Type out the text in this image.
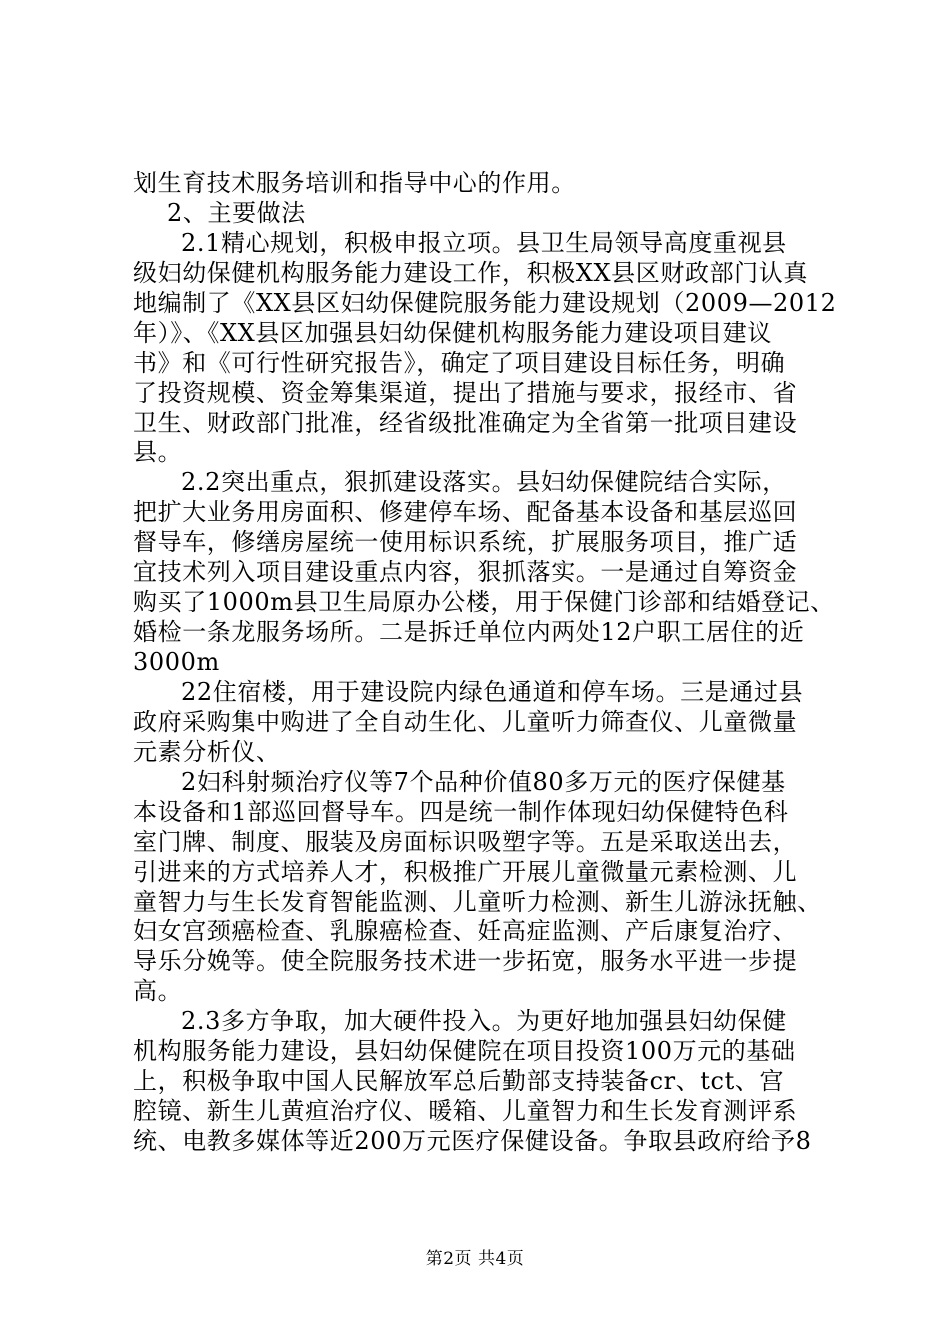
划生育技术服务培训和指导中心的作用。
2、主要做法
2.1精心规划，积极申报立项。县卫生局领导高度重视县
级妇幼保健机构服务能力建设工作，积极XX县区财政部门认真
地编制了《XX县区妇幼保健院服务能力建设规划（2009—2012
年）》、《XX县区加强县妇幼保健机构服务能力建设项目建议
书》和《可行性研究报告》，确定了项目建设目标任务，明确
了投资规模、资金筹集渠道，提出了措施与要求，报经市、省
卫生、财政部门批准，经省级批准确定为全省第一批项目建设
县。
2.2突出重点，狠抓建设落实。县妇幼保健院结合实际，
把扩大业务用房面积、修建停车场、配备基本设备和基层巡回
督导车，修缮房屋统一使用标识系统，扩展服务项目，推广适
宜技术列入项目建设重点内容，狠抓落实。一是通过自筹资金
购买了1000m县卫生局原办公楼，用于保健门诊部和结婚登记、
婚检一条龙服务场所。二是拆迁单位内两处12户职工居住的近
3000m
22住宿楼，用于建设院内绿色通道和停车场。三是通过县
政府采购集中购进了全自动生化、儿童听力筛查仪、儿童微量
元素分析仪、
2妇科射频治疗仪等7个品种价值80多万元的医疗保健基
本设备和1部巡回督导车。四是统一制作体现妇幼保健特色科
室门牌、制度、服装及房面标识吸塑字等。五是采取送出去，
引进来的方式培养人才，积极推广开展儿童微量元素检测、儿
童智力与生长发育智能监测、儿童听力检测、新生儿游泳抚触、
妇女宫颈癌检查、乳腺癌检查、妊高症监测、产后康复治疗、
导乐分娩等。使全院服务技术进一步拓宽，服务水平进一步提
高。
2.3多方争取，加大硬件投入。为更好地加强县妇幼保健
机构服务能力建设，县妇幼保健院在项目投资100万元的基础
上，积极争取中国人民解放军总后勤部支持装备cr、tct、宫
腔镜、新生儿黄疸治疗仪、暖箱、儿童智力和生长发育测评系
统、电教多媒体等近200万元医疗保健设备。争取县政府给予8
第2页 共4页
